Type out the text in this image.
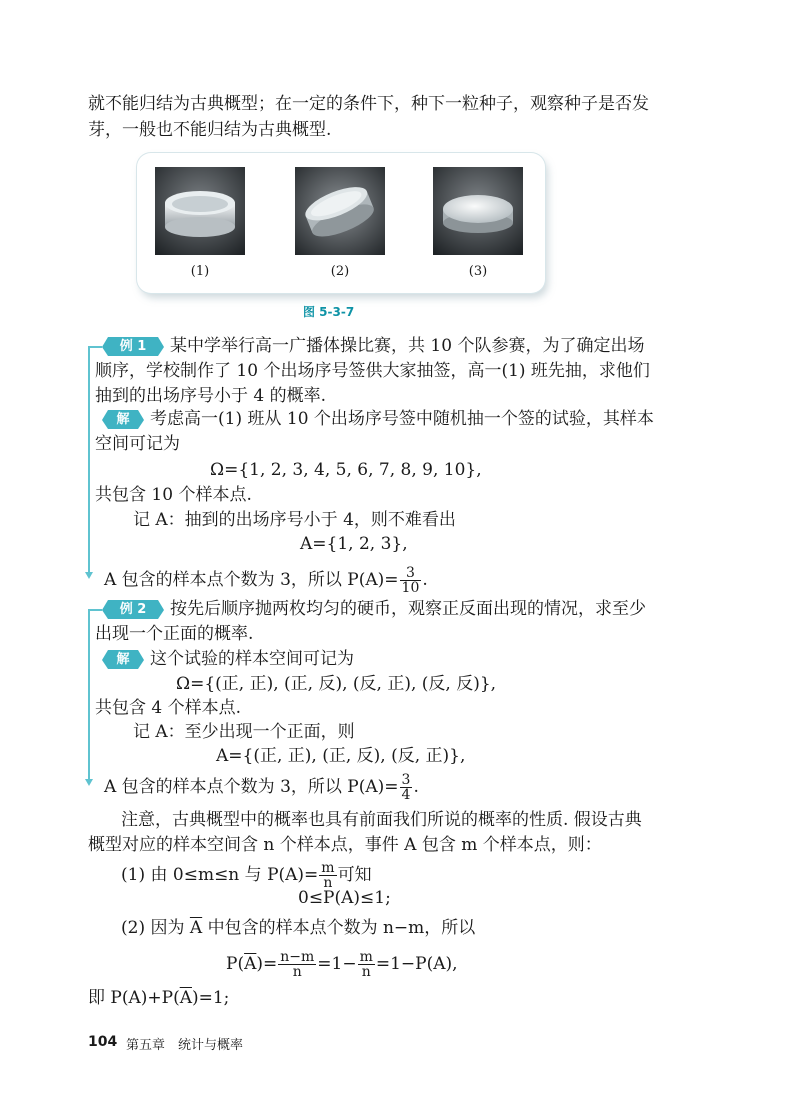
就不能归结为古典概型；在一定的条件下，种下一粒种子，观察种子是否发
芽，一般也不能归结为古典概型.
(1)	(2)	(3)
图 5-3-7
例 1	某中学举行高一广播体操比赛，共 10 个队参赛，为了确定出场
顺序，学校制作了 10 个出场序号签供大家抽签，高一(1) 班先抽，求他们
抽到的出场序号小于 4 的概率.
解	考虑高一(1) 班从 10 个出场序号签中随机抽一个签的试验，其样本
空间可记为
Ω={1, 2, 3, 4, 5, 6, 7, 8, 9, 10},
共包含 10 个样本点.
记 A：抽到的出场序号小于 4，则不难看出
A={1, 2, 3},
A 包含的样本点个数为 3，所以 $P(A)= \frac{3}{10}$ .
例 2	按先后顺序抛两枚均匀的硬币，观察正反面出现的情况，求至少
出现一个正面的概率.
解	这个试验的样本空间可记为
Ω={(正, 正), (正, 反), (反, 正), (反, 反)},
共包含 4 个样本点.
记 A：至少出现一个正面，则
A={(正, 正), (正, 反), (反, 正)},
A 包含的样本点个数为 3，所以 $P(A)= \frac{3}{4}$ .
注意，古典概型中的概率也具有前面我们所说的概率的性质. 假设古典
概型对应的样本空间含 n 个样本点，事件 A 包含 m 个样本点，则：
(1) 由 0≤m≤n 与 $P(A)= \frac{m}{n}$ 可知
0≤P(A)≤1;
(2) 因为 $\overline{A}$ 中包含的样本点个数为 n−m，所以
$P(\overline{A})= \frac{n-m}{n} =1- \frac{m}{n} =1-P(A)$,
即 $P(A)+P(\overline{A})=1$;
104 第五章 统计与概率
